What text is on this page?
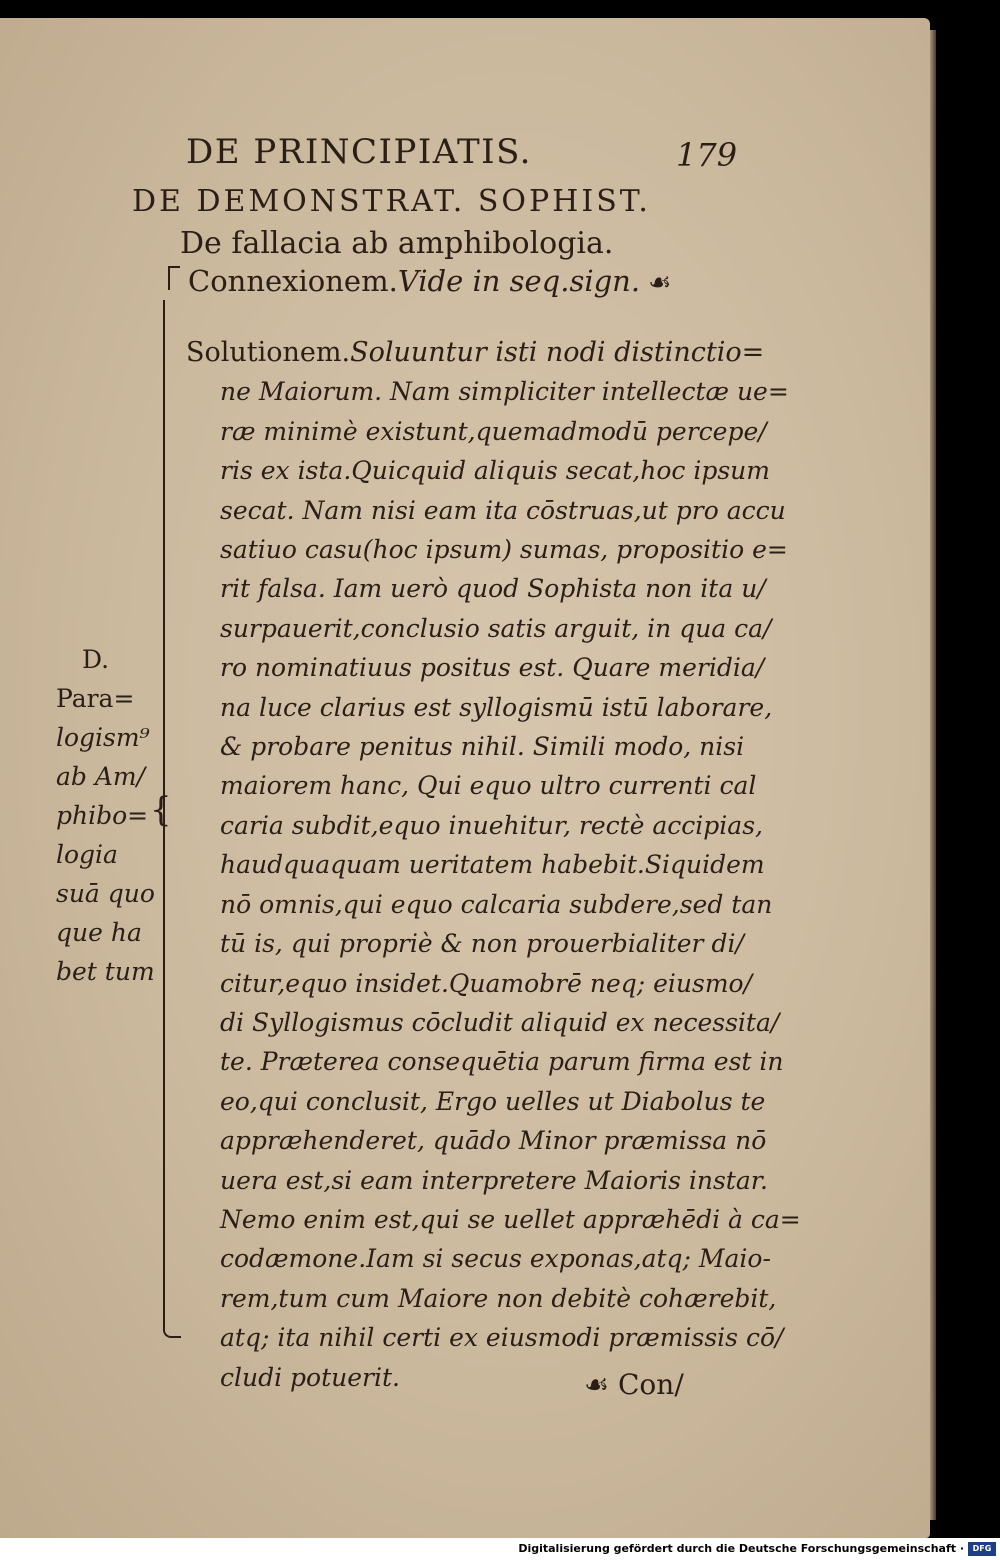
DE PRINCIPIATIS.	179
DE DEMONSTRAT. SOPHIST.
De fallacia ab amphibologia.
Connexionem.Vide in seq.sign. ☙
{
Solutionem.Soluuntur isti nodi distinctio=
ne Maiorum. Nam simpliciter intellectæ ue=
ræ minimè existunt,quemadmodū percepe/
ris ex ista.Quicquid aliquis secat,hoc ipsum
secat. Nam nisi eam ita cōstruas,ut pro accu
satiuo casu(hoc ipsum) sumas, propositio e=
rit falsa. Iam uerò quod Sophista non ita u/
surpauerit,conclusio satis arguit, in qua ca/
ro nominatiuus positus est. Quare meridia/
na luce clarius est syllogismū istū laborare,
& probare penitus nihil. Simili modo, nisi
maiorem hanc, Qui equo ultro currenti cal
caria subdit,equo inuehitur, rectè accipias,
haudquaquam ueritatem habebit.Siquidem
nō omnis,qui equo calcaria subdere,sed tan
tū is, qui propriè & non prouerbialiter di/
citur,equo insidet.Quamobrē neq; eiusmo/
di Syllogismus cōcludit aliquid ex necessita/
te. Præterea consequētia parum firma est in
eo,qui conclusit, Ergo uelles ut Diabolus te
appræhenderet, quādo Minor præmissa nō
uera est,si eam interpretere Maioris instar.
Nemo enim est,qui se uellet appræhēdi à ca=
codæmone.Iam si secus exponas,atq; Maio-
rem,tum cum Maiore non debitè cohærebit,
atq; ita nihil certi ex eiusmodi præmissis cō/
cludi potuerit.
D.
Para=
logism⁹
ab Am/
phibo=
logia
suā quo
que ha
bet tum
☙ Con/
Digitalisierung gefördert durch die Deutsche Forschungsgemeinschaft ·	DFG
